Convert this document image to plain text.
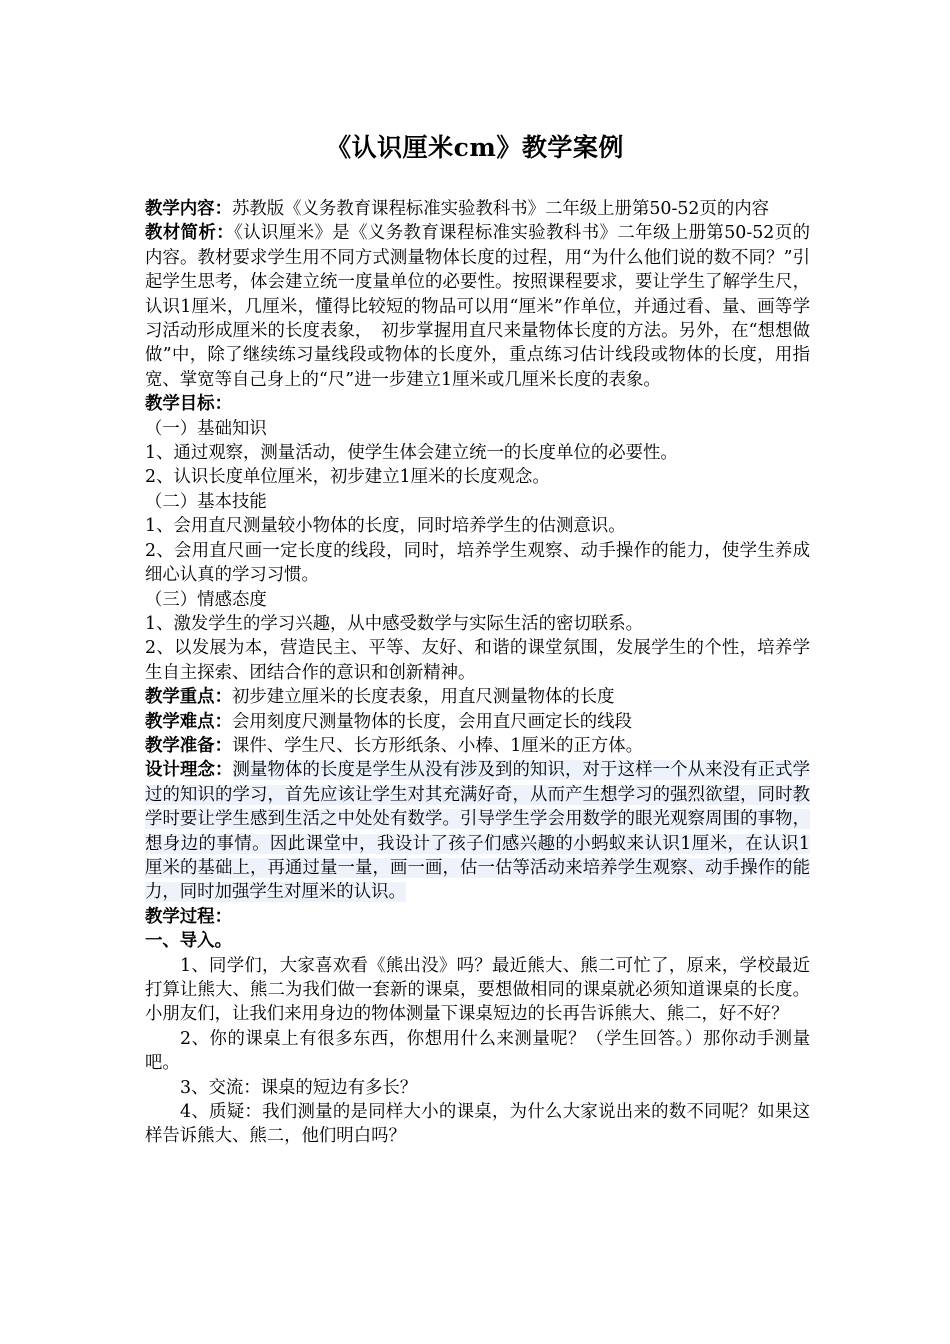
《认识厘米cm》教学案例

教学内容：苏教版《义务教育课程标准实验教科书》二年级上册第50-52页的内容

教材简析：《认识厘米》是《义务教育课程标准实验教科书》二年级上册第50-52页的内容。教材要求学生用不同方式测量物体长度的过程，用“为什么他们说的数不同？”引起学生思考，体会建立统一度量单位的必要性。按照课程要求，要让学生了解学生尺，认识1厘米，几厘米，懂得比较短的物品可以用“厘米”作单位，并通过看、量、画等学习活动形成厘米的长度表象，　初步掌握用直尺来量物体长度的方法。另外，在“想想做做”中，除了继续练习量线段或物体的长度外，重点练习估计线段或物体的长度，用指宽、掌宽等自己身上的“尺”进一步建立1厘米或几厘米长度的表象。

教学目标：

（一）基础知识

1、通过观察，测量活动，使学生体会建立统一的长度单位的必要性。

2、认识长度单位厘米，初步建立1厘米的长度观念。

（二）基本技能

1、会用直尺测量较小物体的长度，同时培养学生的估测意识。

2、会用直尺画一定长度的线段，同时，培养学生观察、动手操作的能力，使学生养成细心认真的学习习惯。

（三）情感态度

1、激发学生的学习兴趣，从中感受数学与实际生活的密切联系。

2、以发展为本，营造民主、平等、友好、和谐的课堂氛围，发展学生的个性，培养学生自主探索、团结合作的意识和创新精神。

教学重点：初步建立厘米的长度表象，用直尺测量物体的长度

教学难点：会用刻度尺测量物体的长度，会用直尺画定长的线段

教学准备：课件、学生尺、长方形纸条、小棒、1厘米的正方体。

设计理念：测量物体的长度是学生从没有涉及到的知识，对于这样一个从来没有正式学过的知识的学习，首先应该让学生对其充满好奇，从而产生想学习的强烈欲望，同时教学时要让学生感到生活之中处处有数学。引导学生学会用数学的眼光观察周围的事物，想身边的事情。因此课堂中，我设计了孩子们感兴趣的小蚂蚁来认识1厘米，在认识1厘米的基础上，再通过量一量，画一画，估一估等活动来培养学生观察、动手操作的能力，同时加强学生对厘米的认识。

教学过程：

一、导入。

1、同学们，大家喜欢看《熊出没》吗？最近熊大、熊二可忙了，原来，学校最近打算让熊大、熊二为我们做一套新的课桌，要想做相同的课桌就必须知道课桌的长度。小朋友们，让我们来用身边的物体测量下课桌短边的长再告诉熊大、熊二，好不好？

2、你的课桌上有很多东西，你想用什么来测量呢？（学生回答。）那你动手测量吧。

3、交流：课桌的短边有多长？

4、质疑：我们测量的是同样大小的课桌，为什么大家说出来的数不同呢？如果这样告诉熊大、熊二，他们明白吗？
